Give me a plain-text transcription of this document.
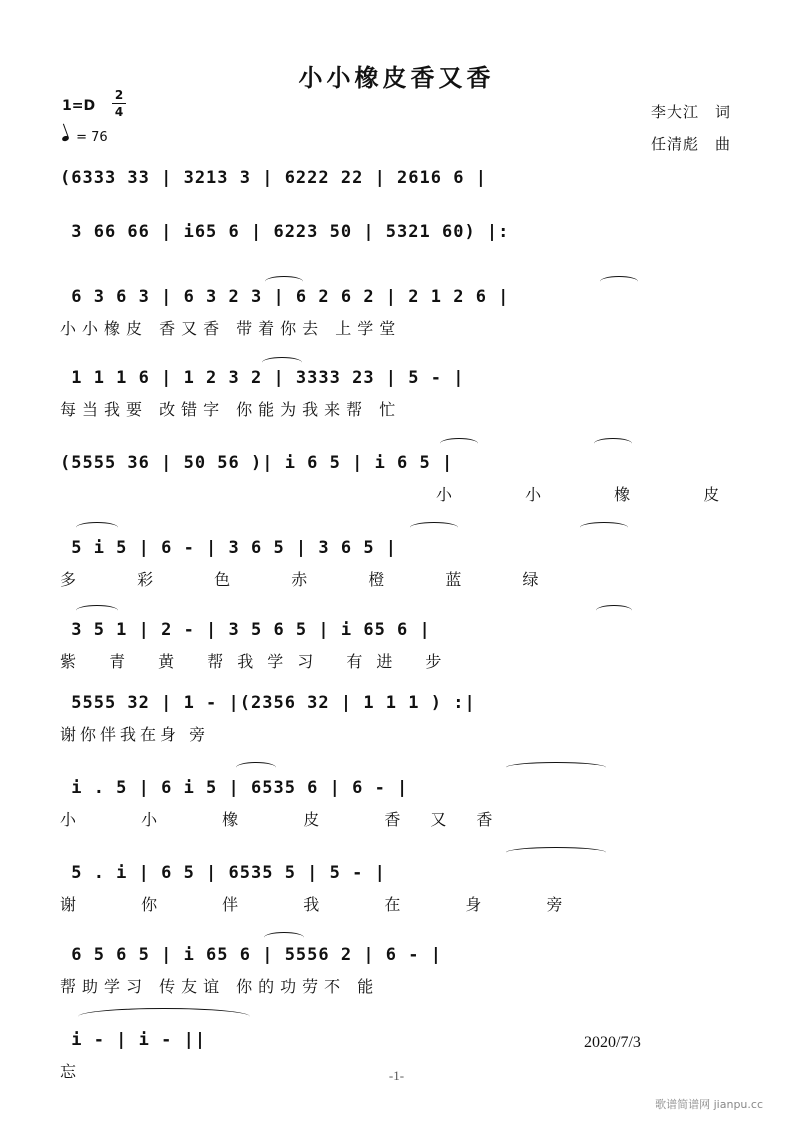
小小橡皮香又香
李大江　词
任清彪　曲
1=D
2
4
= 76
(6333 33 | 3213 3 | 6222 22 | 2616 6 |
3 66 66 | i65 6 | 6223 50 | 5321 60) |:
6 3 6 3 | 6 3 2 3 | 6 2 6 2 | 2 1 2 6 |
小小橡皮 香又香 带着你去 上学堂
1 1 1 6 | 1 2 3 2 | 3333 23 | 5 - |
每当我要 改错字 你能为我来帮 忙
(5555 36 | 50 56 )| i 6 5 | i 6 5 |
小 小 橡 皮
5 i 5 | 6 - | 3 6 5 | 3 6 5 |
多 彩 色 赤 橙 蓝 绿
3 5 1 | 2 - | 3 5 6 5 | i 65 6 |
紫 青 黄 帮我学习 有进 步
5555 32 | 1 - |(2356 32 | 1 1 1 ) :|
谢你伴我在身 旁
i . 5 | 6 i 5 | 6535 6 | 6 - |
小 小 橡 皮 香又香
5 . i | 6 5 | 6535 5 | 5 - |
谢 你 伴 我 在 身 旁
6 5 6 5 | i 65 6 | 5556 2 | 6 - |
帮助学习 传友谊 你的功劳不 能
i - | i - ||
忘
2020/7/3
-1-
歌谱简谱网 jianpu.cc
